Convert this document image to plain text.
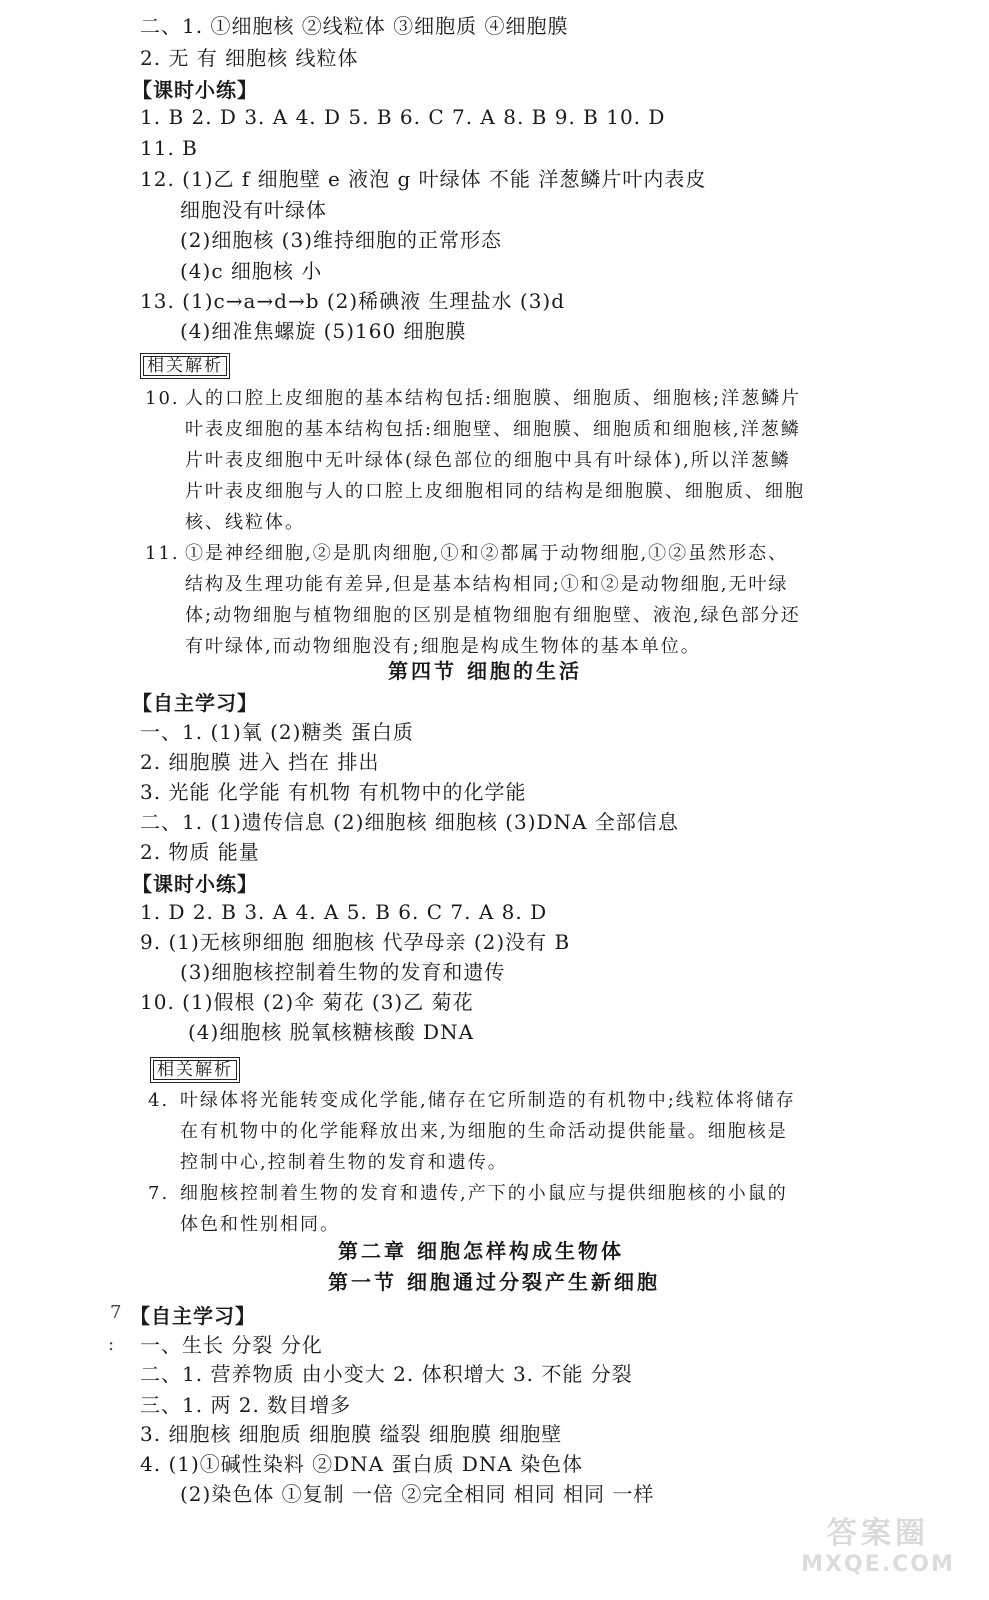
二、1. ①细胞核 ②线粒体 ③细胞质 ④细胞膜
2. 无 有 细胞核 线粒体
【课时小练】
1. B 2. D 3. A 4. D 5. B 6. C 7. A 8. B 9. B 10. D
11. B
12. (1)乙 f 细胞壁 e 液泡 g 叶绿体 不能 洋葱鳞片叶内表皮
细胞没有叶绿体
(2)细胞核 (3)维持细胞的正常形态
(4)c 细胞核 小
13. (1)c→a→d→b (2)稀碘液 生理盐水 (3)d
(4)细准焦螺旋 (5)160 细胞膜
相关解析
10. 人的口腔上皮细胞的基本结构包括:细胞膜、细胞质、细胞核;洋葱鳞片
叶表皮细胞的基本结构包括:细胞壁、细胞膜、细胞质和细胞核,洋葱鳞
片叶表皮细胞中无叶绿体(绿色部位的细胞中具有叶绿体),所以洋葱鳞
片叶表皮细胞与人的口腔上皮细胞相同的结构是细胞膜、细胞质、细胞
核、线粒体。
11. ①是神经细胞,②是肌肉细胞,①和②都属于动物细胞,①②虽然形态、
结构及生理功能有差异,但是基本结构相同;①和②是动物细胞,无叶绿
体;动物细胞与植物细胞的区别是植物细胞有细胞壁、液泡,绿色部分还
有叶绿体,而动物细胞没有;细胞是构成生物体的基本单位。
第四节 细胞的生活
【自主学习】
一、1. (1)氧 (2)糖类 蛋白质
2. 细胞膜 进入 挡在 排出
3. 光能 化学能 有机物 有机物中的化学能
二、1. (1)遗传信息 (2)细胞核 细胞核 (3)DNA 全部信息
2. 物质 能量
【课时小练】
1. D 2. B 3. A 4. A 5. B 6. C 7. A 8. D
9. (1)无核卵细胞 细胞核 代孕母亲 (2)没有 B
(3)细胞核控制着生物的发育和遗传
10. (1)假根 (2)伞 菊花 (3)乙 菊花
(4)细胞核 脱氧核糖核酸 DNA
相关解析
4. 叶绿体将光能转变成化学能,储存在它所制造的有机物中;线粒体将储存
在有机物中的化学能释放出来,为细胞的生命活动提供能量。细胞核是
控制中心,控制着生物的发育和遗传。
7. 细胞核控制着生物的发育和遗传,产下的小鼠应与提供细胞核的小鼠的
体色和性别相同。
第二章 细胞怎样构成生物体
第一节 细胞通过分裂产生新细胞
【自主学习】
一、生长 分裂 分化
二、1. 营养物质 由小变大 2. 体积增大 3. 不能 分裂
三、1. 两 2. 数目增多
3. 细胞核 细胞质 细胞膜 缢裂 细胞膜 细胞壁
4. (1)①碱性染料 ②DNA 蛋白质 DNA 染色体
(2)染色体 ①复制 一倍 ②完全相同 相同 相同 一样
7
:
答案圈
MXQE.COM
